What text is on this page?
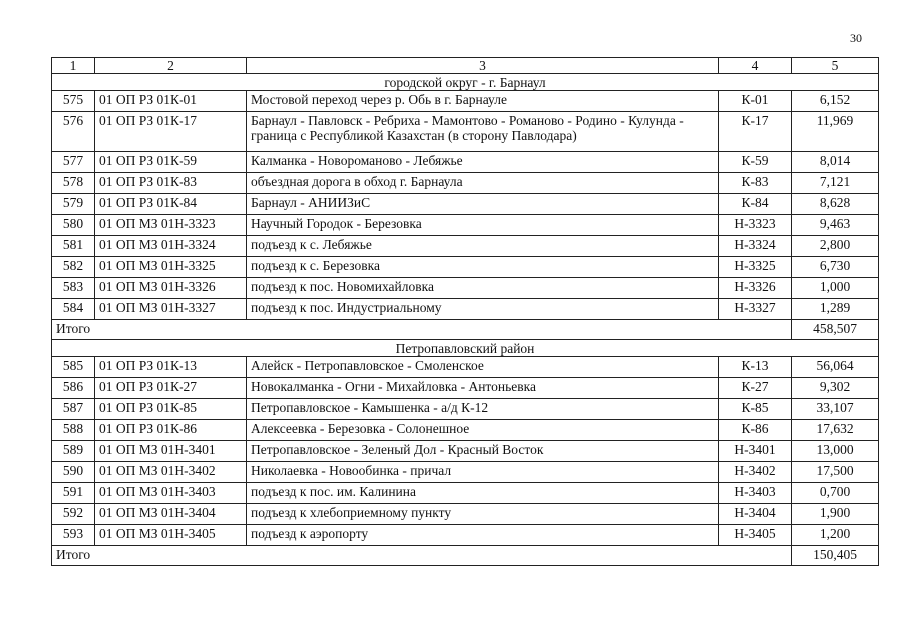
30
1	2	3	4	5
городской округ - г. Барнаул				
575	01 ОП РЗ 01К-01	Мостовой переход через р. Обь в г. Барнауле	К-01	6,152
576	01 ОП РЗ 01К-17	Барнаул - Павловск - Ребриха - Мамонтово - Романово - Родино - Кулунда - граница с Республикой Казахстан (в сторону Павлодара)	К-17	11,969
577	01 ОП РЗ 01К-59	Калманка - Новороманово - Лебяжье	К-59	8,014
578	01 ОП РЗ 01К-83	объездная дорога в обход г. Барнаула	К-83	7,121
579	01 ОП РЗ 01К-84	Барнаул - АНИИЗиС	К-84	8,628
580	01 ОП МЗ 01Н-3323	Научный Городок - Березовка	Н-3323	9,463
581	01 ОП МЗ 01Н-3324	подъезд к с. Лебяжье	Н-3324	2,800
582	01 ОП МЗ 01Н-3325	подъезд к с. Березовка	Н-3325	6,730
583	01 ОП МЗ 01Н-3326	подъезд к пос. Новомихайловка	Н-3326	1,000
584	01 ОП МЗ 01Н-3327	подъезд к пос. Индустриальному	Н-3327	1,289
Итого				458,507
Петропавловский район				
585	01 ОП РЗ 01К-13	Алейск - Петропавловское - Смоленское	К-13	56,064
586	01 ОП РЗ 01К-27	Новокалманка - Огни - Михайловка - Антоньевка	К-27	9,302
587	01 ОП РЗ 01К-85	Петропавловское - Камышенка - а/д К-12	К-85	33,107
588	01 ОП РЗ 01К-86	Алексеевка - Березовка - Солонешное	К-86	17,632
589	01 ОП МЗ 01Н-3401	Петропавловское - Зеленый Дол - Красный Восток	Н-3401	13,000
590	01 ОП МЗ 01Н-3402	Николаевка - Новообинка - причал	Н-3402	17,500
591	01 ОП МЗ 01Н-3403	подъезд к пос. им. Калинина	Н-3403	0,700
592	01 ОП МЗ 01Н-3404	подъезд к хлебоприемному пункту	Н-3404	1,900
593	01 ОП МЗ 01Н-3405	подъезд к аэропорту	Н-3405	1,200
Итого				150,405
